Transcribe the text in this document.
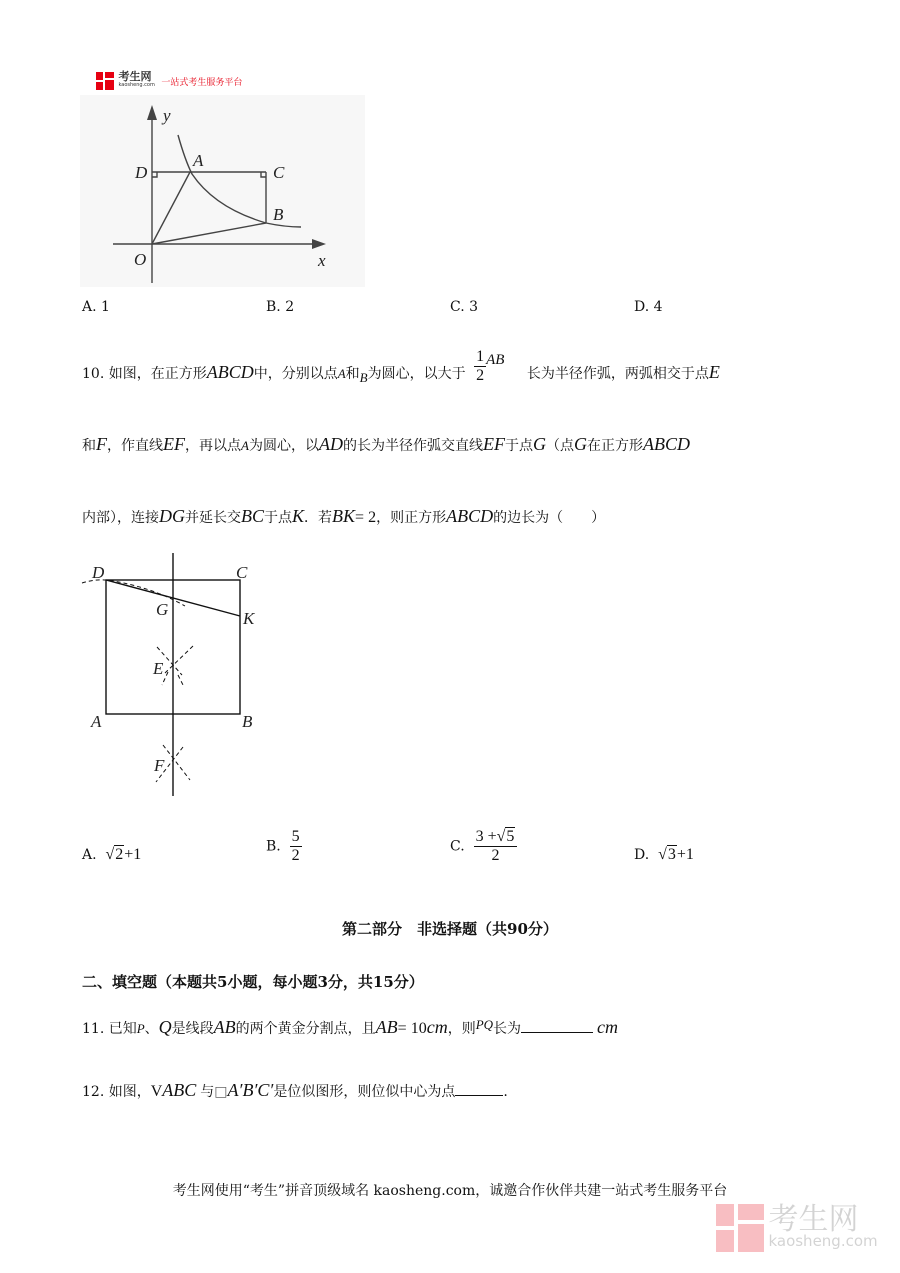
考生网
kaosheng.com 一站式考生服务平台
y
x
O
A
B
C
D
A. 1	B. 2	C. 3	D. 4
10. 如图，在正方形ABCD中，分别以点A和B为圆心，以大于 $\frac{1}{2}$ AB 长为半径作弧，两弧相交于点E
和F，作直线EF，再以点A为圆心，以AD的长为半径作弧交直线EF于点G（点G在正方形ABCD
内部），连接DG并延长交BC于点K．若BK= 2，则正方形ABCD的边长为（　　）
D	C
G	K
E
A	B
F
A. √2+1	B. $\frac{5}{2}$	C. $\frac{3 +√5}{2}$	D. √3+1
第二部分　非选择题（共90分）
二、填空题（本题共5小题，每小题3分，共15分）
11. 已知P、Q是线段AB的两个黄金分割点，且AB= 10cm，则PQ长为	cm
12. 如图，VABC 与□A′B′C′是位似图形，则位似中心为点	.
考生网使用“考生”拼音顶级域名 kaosheng.com，诚邀合作伙伴共建一站式考生服务平台

考生网
kaosheng.com
